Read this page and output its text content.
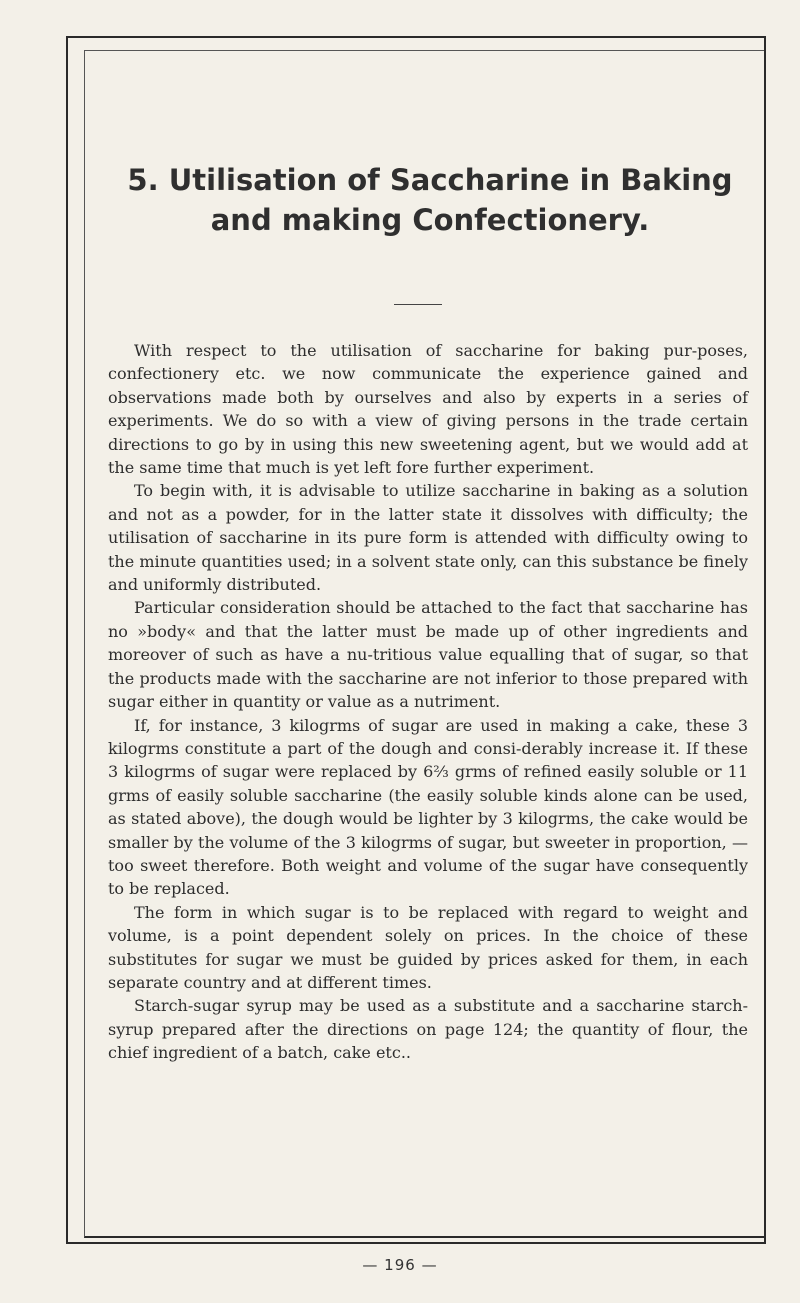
5. Utilisation of Saccharine in Baking
and making Confectionery.

With respect to the utilisation of saccharine for baking pur-poses, confectionery etc. we now communicate the experience gained and observations made both by ourselves and also by experts in a series of experiments. We do so with a view of giving persons in the trade certain directions to go by in using this new sweetening agent, but we would add at the same time that much is yet left fore further experiment.

To begin with, it is advisable to utilize saccharine in baking as a solution and not as a powder, for in the latter state it dissolves with difficulty; the utilisation of saccharine in its pure form is attended with difficulty owing to the minute quantities used; in a solvent state only, can this substance be finely and uniformly distributed.

Particular consideration should be attached to the fact that saccharine has no »body« and that the latter must be made up of other ingredients and moreover of such as have a nu-tritious value equalling that of sugar, so that the products made with the saccharine are not inferior to those prepared with sugar either in quantity or value as a nutriment.

If, for instance, 3 kilogrms of sugar are used in making a cake, these 3 kilogrms constitute a part of the dough and consi-derably increase it. If these 3 kilogrms of sugar were replaced by 6⅔ grms of refined easily soluble or 11 grms of easily soluble saccharine (the easily soluble kinds alone can be used, as stated above), the dough would be lighter by 3 kilogrms, the cake would be smaller by the volume of the 3 kilogrms of sugar, but sweeter in proportion, — too sweet therefore. Both weight and volume of the sugar have consequently to be replaced.

The form in which sugar is to be replaced with regard to weight and volume, is a point dependent solely on prices. In the choice of these substitutes for sugar we must be guided by prices asked for them, in each separate country and at different times.

Starch-sugar syrup may be used as a substitute and a saccharine starch-syrup prepared after the directions on page 124; the quantity of flour, the chief ingredient of a batch, cake etc..

— 196 —
